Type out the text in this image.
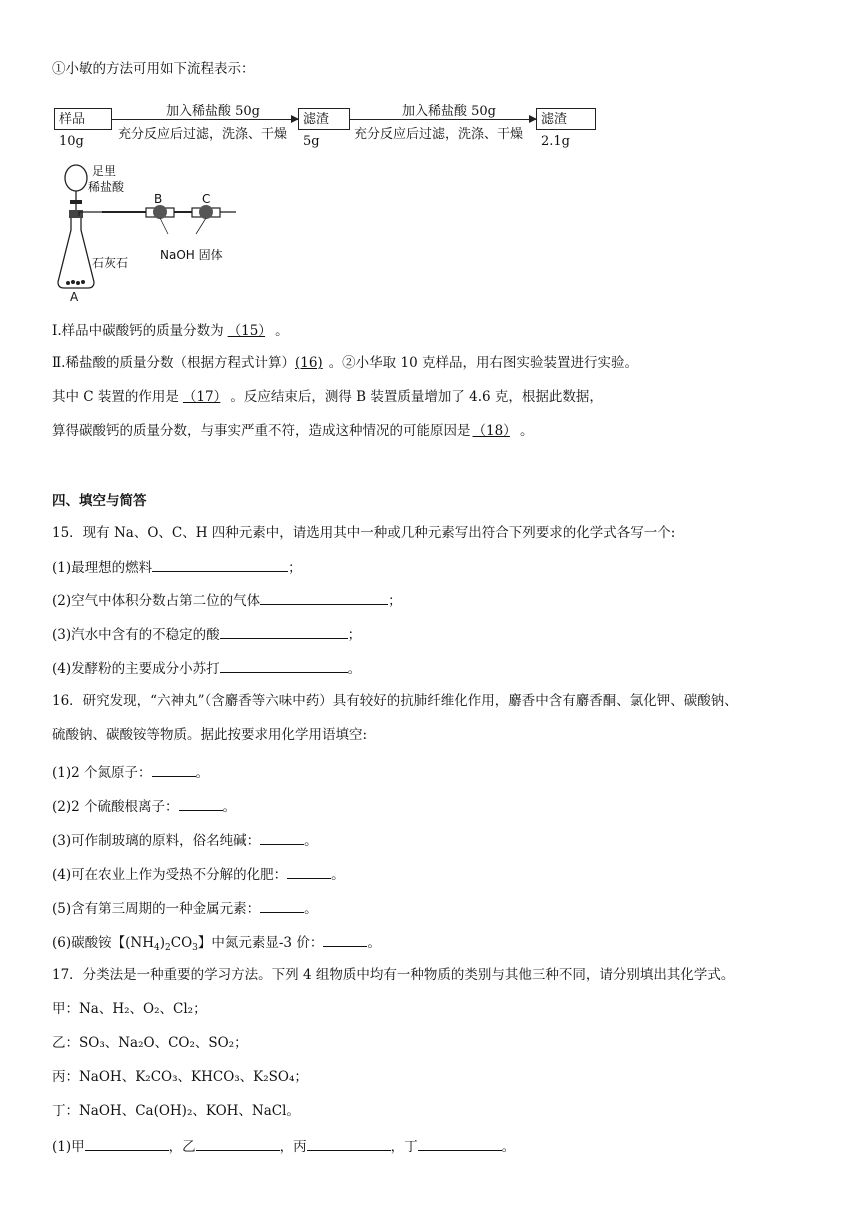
①小敏的方法可用如下流程表示：
样品 10g
加入稀盐酸 50g
充分反应后过滤，洗涤、干燥
滤渣 5g
加入稀盐酸 50g
充分反应后过滤，洗涤、干燥
滤渣 2.1g
足里
稀盐酸
B	C
NaOH 固体
石灰石
A
Ⅰ.样品中碳酸钙的质量分数为 （15） 。
Ⅱ.稀盐酸的质量分数（根据方程式计算）(16) 。②小华取 10 克样品，用右图实验装置进行实验。
其中 C 装置的作用是 （17） 。反应结束后，测得 B 装置质量增加了 4.6 克，根据此数据，
算得碳酸钙的质量分数，与事实严重不符，造成这种情况的可能原因是 （18） 。
四、填空与简答
15．现有 Na、O、C、H 四种元素中，请选用其中一种或几种元素写出符合下列要求的化学式各写一个:
(1)最理想的燃料	；
(2)空气中体积分数占第二位的气体	；
(3)汽水中含有的不稳定的酸	；
(4)发酵粉的主要成分小苏打	。
16．研究发现，“六神丸”（含麝香等六味中药）具有较好的抗肺纤维化作用，麝香中含有麝香酮、氯化钾、碳酸钠、
硫酸钠、碳酸铵等物质。据此按要求用化学用语填空:
(1)2 个氮原子：	。
(2)2 个硫酸根离子：	。
(3)可作制玻璃的原料，俗名纯碱：	。
(4)可在农业上作为受热不分解的化肥：	。
(5)含有第三周期的一种金属元素：	。
(6)碳酸铵【$(NH_4)_2CO_3$】中氮元素显-3 价：	。
17．分类法是一种重要的学习方法。下列 4 组物质中均有一种物质的类别与其他三种不同，请分别填出其化学式。
甲：Na、H₂、O₂、Cl₂；
乙：SO₃、Na₂O、CO₂、SO₂；
丙：NaOH、K₂CO₃、KHCO₃、K₂SO₄；
丁：NaOH、Ca(OH)₂、KOH、NaCl。
(1)甲	，乙	，丙	，丁	。
